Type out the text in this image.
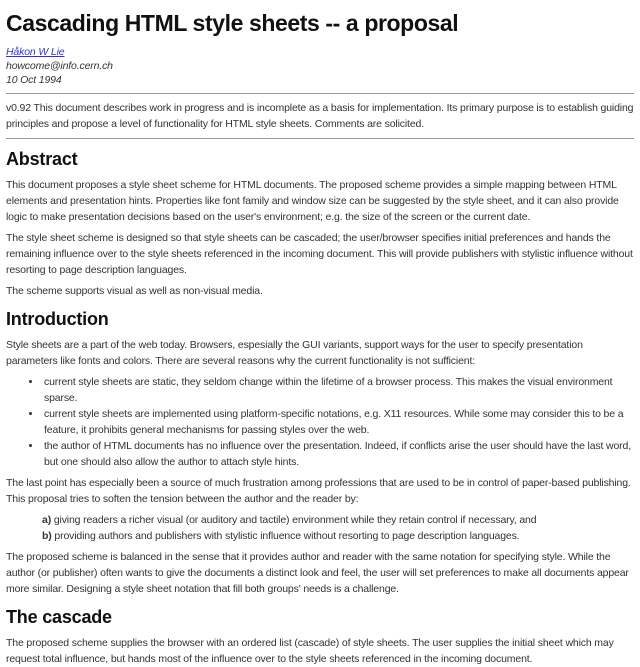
Cascading HTML style sheets -- a proposal
Håkon W Lie
howcome@info.cern.ch
10 Oct 1994

v0.92 This document describes work in progress and is incomplete as a basis for implementation. Its primary purpose is to establish guiding principles and propose a level of functionality for HTML style sheets. Comments are solicited.

Abstract

This document proposes a style sheet scheme for HTML documents. The proposed scheme provides a simple mapping between HTML elements and presentation hints. Properties like font family and window size can be suggested by the style sheet, and it can also provide logic to make presentation decisions based on the user's environment; e.g. the size of the screen or the current date.

The style sheet scheme is designed so that style sheets can be cascaded; the user/browser specifies initial preferences and hands the remaining influence over to the style sheets referenced in the incoming document. This will provide publishers with stylistic influence without resorting to page description languages.

The scheme supports visual as well as non-visual media.

Introduction

Style sheets are a part of the web today. Browsers, espesially the GUI variants, support ways for the user to specify presentation parameters like fonts and colors. There are several reasons why the current functionality is not sufficient:

• current style sheets are static, they seldom change within the lifetime of a browser process. This makes the visual environment sparse.
• current style sheets are implemented using platform-specific notations, e.g. X11 resources. While some may consider this to be a feature, it prohibits general mechanisms for passing styles over the web.
• the author of HTML documents has no influence over the presentation. Indeed, if conflicts arise the user should have the last word, but one should also allow the author to attach style hints.

The last point has especially been a source of much frustration among professions that are used to be in control of paper-based publishing. This proposal tries to soften the tension between the author and the reader by:

a) giving readers a richer visual (or auditory and tactile) environment while they retain control if necessary, and
b) providing authors and publishers with stylistic influence without resorting to page description languages.

The proposed scheme is balanced in the sense that it provides author and reader with the same notation for specifying style. While the author (or publisher) often wants to give the documents a distinct look and feel, the user will set preferences to make all documents appear more similar. Designing a style sheet notation that fill both groups' needs is a challenge.

The cascade

The proposed scheme supplies the browser with an ordered list (cascade) of style sheets. The user supplies the initial sheet which may request total influence, but hands most of the influence over to the style sheets referenced in the incoming document.
